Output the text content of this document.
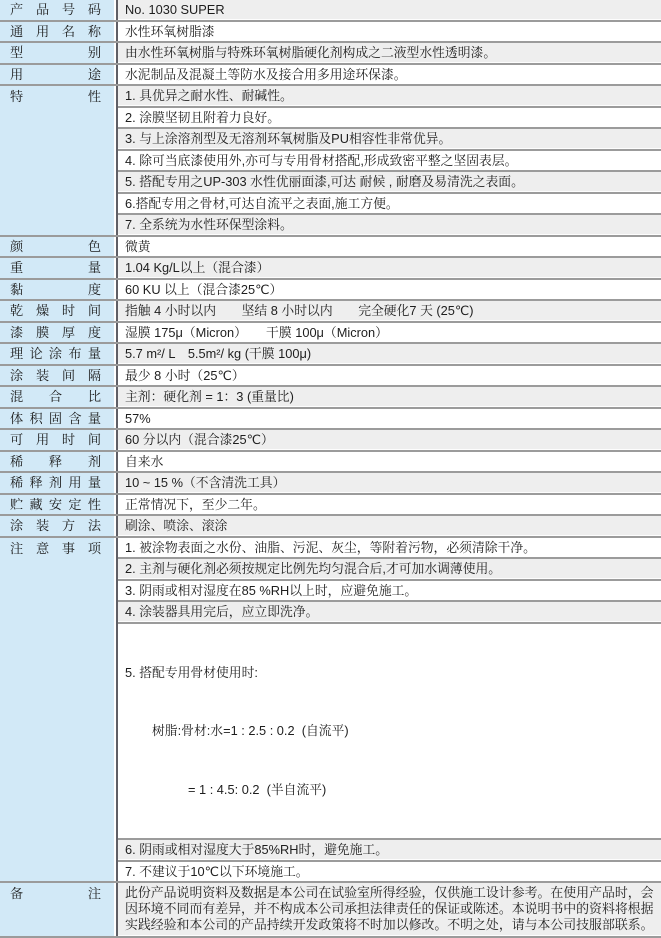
产 品 号 码	No. 1030 SUPER
通 用 名 称	水性环氧树脂漆
型	别	由水性环氧树脂与特殊环氧树脂硬化剂构成之二液型水性透明漆。
用	途	水泥制品及混凝土等防水及接合用多用途环保漆。
特	性	1. 具优异之耐水性、耐碱性。
2. 涂膜坚韧且附着力良好。
3. 与上涂溶剂型及无溶剂环氧树脂及PU相容性非常优异。
4. 除可当底漆使用外,亦可与专用骨材搭配,形成致密平整之坚固表层。
5. 搭配专用之UP-303 水性优丽面漆,可达 耐候 , 耐磨及易清洗之表面。
6.搭配专用之骨材,可达自流平之表面,施工方便。
7. 全系统为水性环保型涂料。
颜	色	微黄
重	量	1.04 Kg/L以上（混合漆）
黏	度	60 KU 以上（混合漆25℃）
乾 燥 时 间	指触 4 小时以内　　坚结 8 小时以内　　完全硬化7 天 (25℃)
漆 膜 厚 度	湿膜 175μ（Micron）　　干膜 100μ（Micron）
理 论 涂 布 量	5.7 m²/ L　5.5m²/ kg (干膜 100μ)
涂 装 间 隔	最少 8 小时（25℃）
混 合 比	主剂：硬化剂 = 1：3 (重量比)
体 积 固 含 量	57%
可 用 时 间	60 分以内（混合漆25℃）
稀 释 剂	自来水
稀 释 剂 用 量	10 ~ 15 %（不含清洗工具）
贮 藏 安 定 性	正常情况下，至少二年。
涂 装 方 法	刷涂、喷涂、滚涂
注 意 事 项	1. 被涂物表面之水份、油脂、污泥、灰尘，等附着污物，必须清除干净。
2. 主剂与硬化剂必须按规定比例先均匀混合后,才可加水调薄使用。
3. 阴雨或相对湿度在85 %RH以上时，应避免施工。
4. 涂装器具用完后，应立即洗净。

5. 搭配专用骨材使用时:

树脂:骨材:水=1 : 2.5 : 0.2  (自流平)

= 1 : 4.5: 0.2  (半自流平)

6. 阴雨或相对湿度大于85%RH时，避免施工。
7. 不建议于10℃以下环境施工。
备	注	此份产品说明资料及数据是本公司在试验室所得经验，仅供施工设计参考。在使用产品时，会因环境不同而有差异，并不构成本公司承担法律责任的保证或陈述。本说明书中的资料将根据实践经验和本公司的产品持续开发政策将不时加以修改。不明之处，请与本公司技服部联系。
